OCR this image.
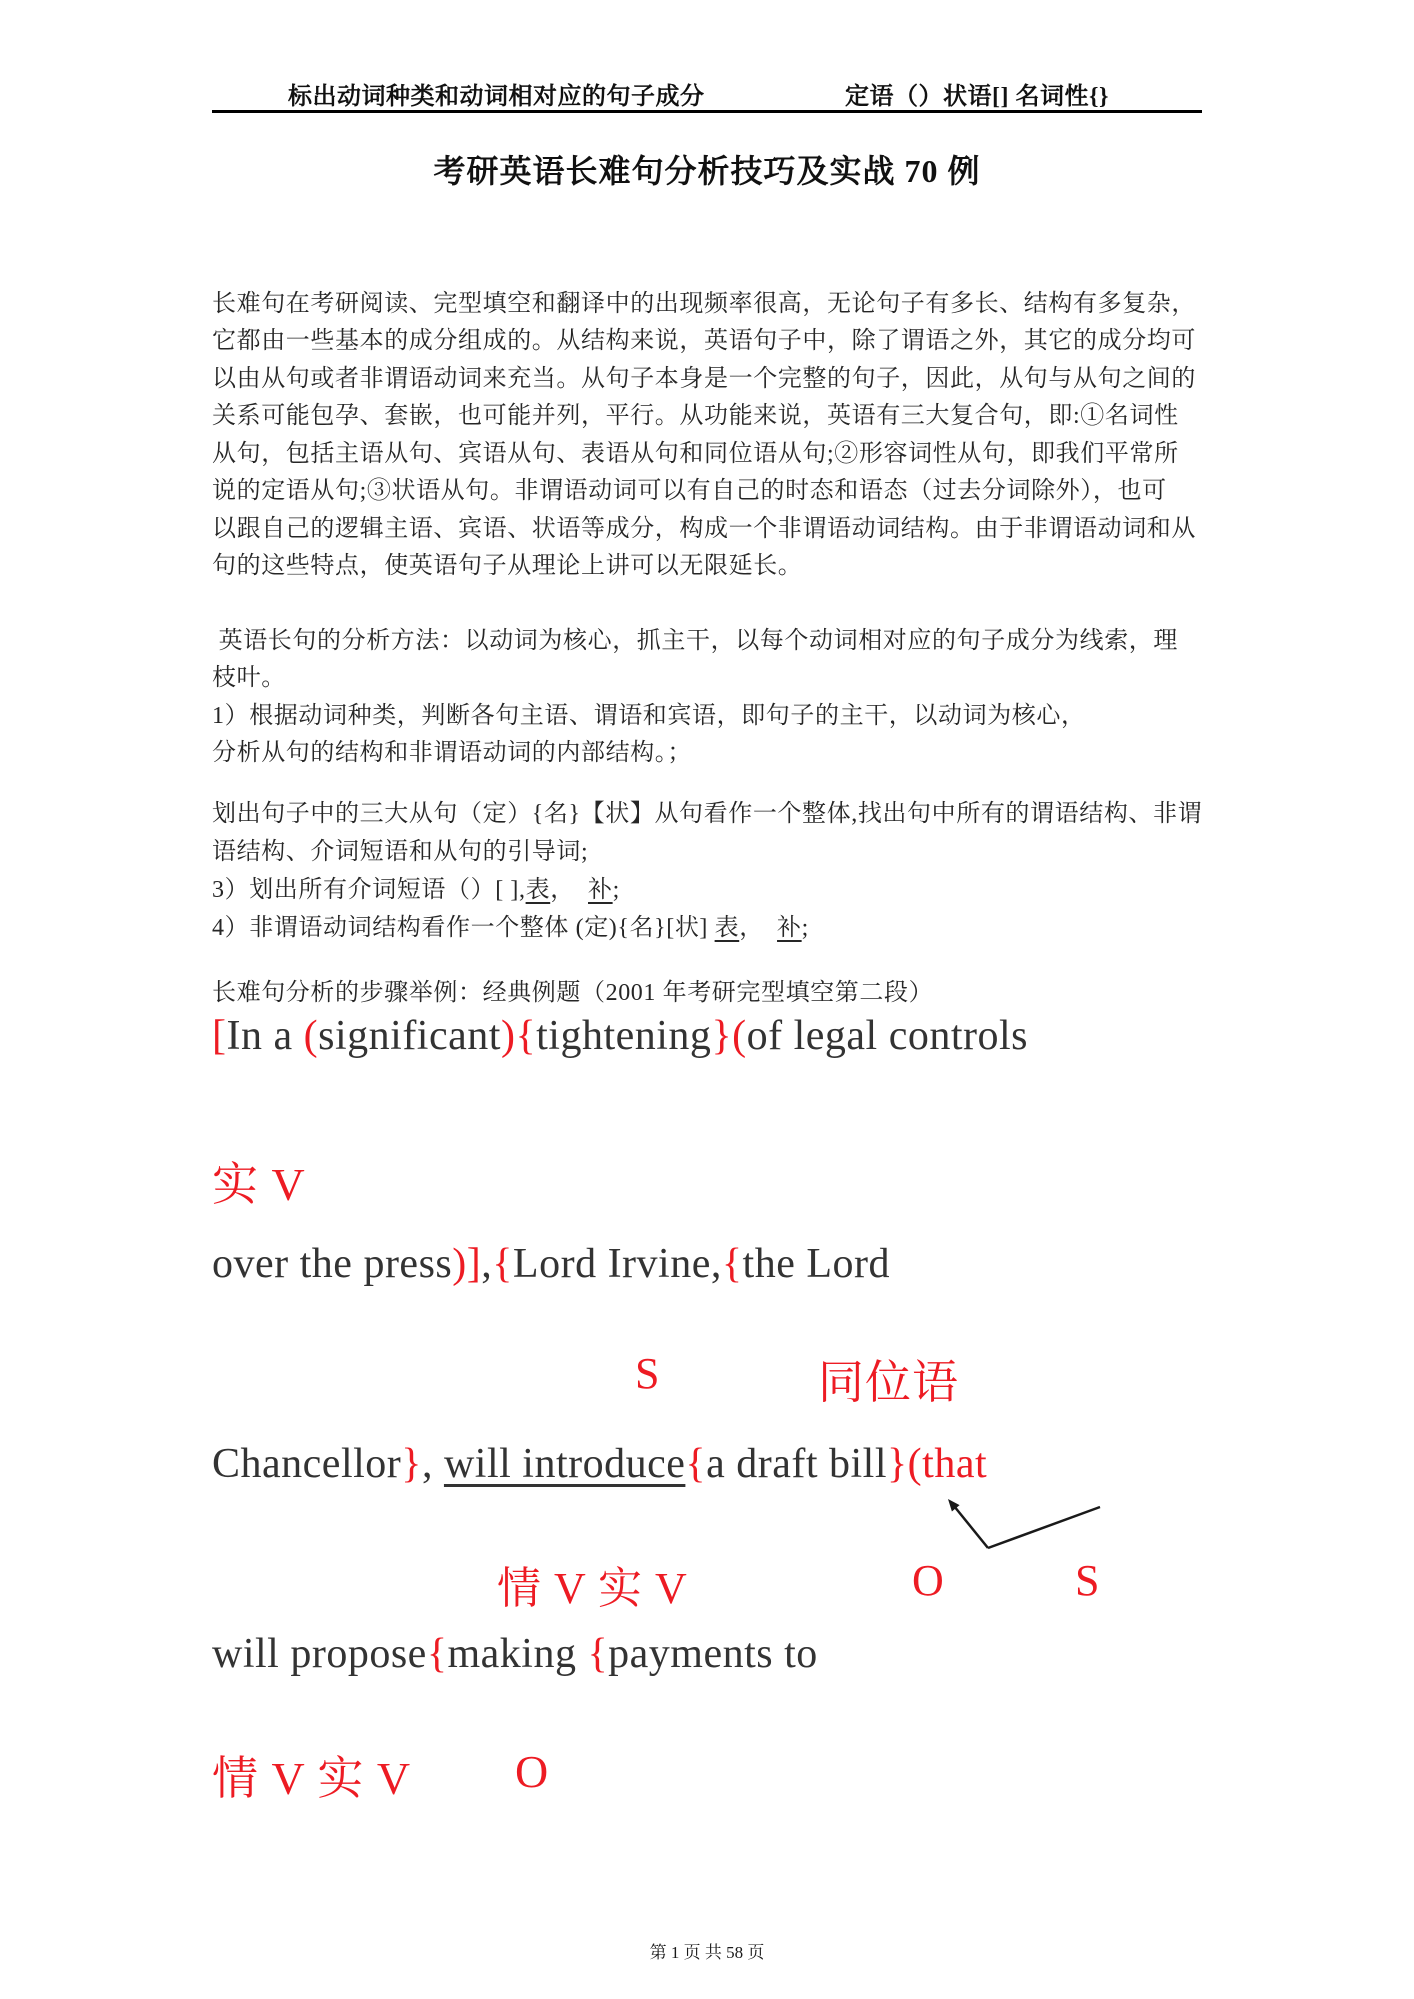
标出动词种类和动词相对应的句子成分	定语（）状语[] 名词性{}
考研英语长难句分析技巧及实战 70 例
长难句在考研阅读、完型填空和翻译中的出现频率很高，无论句子有多长、结构有多复杂，
它都由一些基本的成分组成的。从结构来说，英语句子中，除了谓语之外，其它的成分均可
以由从句或者非谓语动词来充当。从句子本身是一个完整的句子，因此，从句与从句之间的
关系可能包孕、套嵌，也可能并列，平行。从功能来说，英语有三大复合句，即:①名词性
从句，包括主语从句、宾语从句、表语从句和同位语从句;②形容词性从句，即我们平常所
说的定语从句;③状语从句。非谓语动词可以有自己的时态和语态（过去分词除外），也可
以跟自己的逻辑主语、宾语、状语等成分，构成一个非谓语动词结构。由于非谓语动词和从
句的这些特点，使英语句子从理论上讲可以无限延长。
英语长句的分析方法：以动词为核心，抓主干，以每个动词相对应的句子成分为线索，理
枝叶。
1）根据动词种类，判断各句主语、谓语和宾语，即句子的主干，以动词为核心，
分析从句的结构和非谓语动词的内部结构。；
划出句子中的三大从句（定）{名}【状】从句看作一个整体,找出句中所有的谓语结构、非谓
语结构、介词短语和从句的引导词;
3）划出所有介词短语（）[ ],表， 补;
4）非谓语动词结构看作一个整体 (定){名}[状] 表，  补;
长难句分析的步骤举例：经典例题（2001 年考研完型填空第二段）
[In a (significant){tightening}(of legal controls
实 V
over the press)],{Lord Irvine,{the Lord
S	同位语
Chancellor}, will introduce{a draft bill}(that
情 V 实 V	O	S
will propose{making {payments to
情 V 实 V O
第 1 页 共 58 页
